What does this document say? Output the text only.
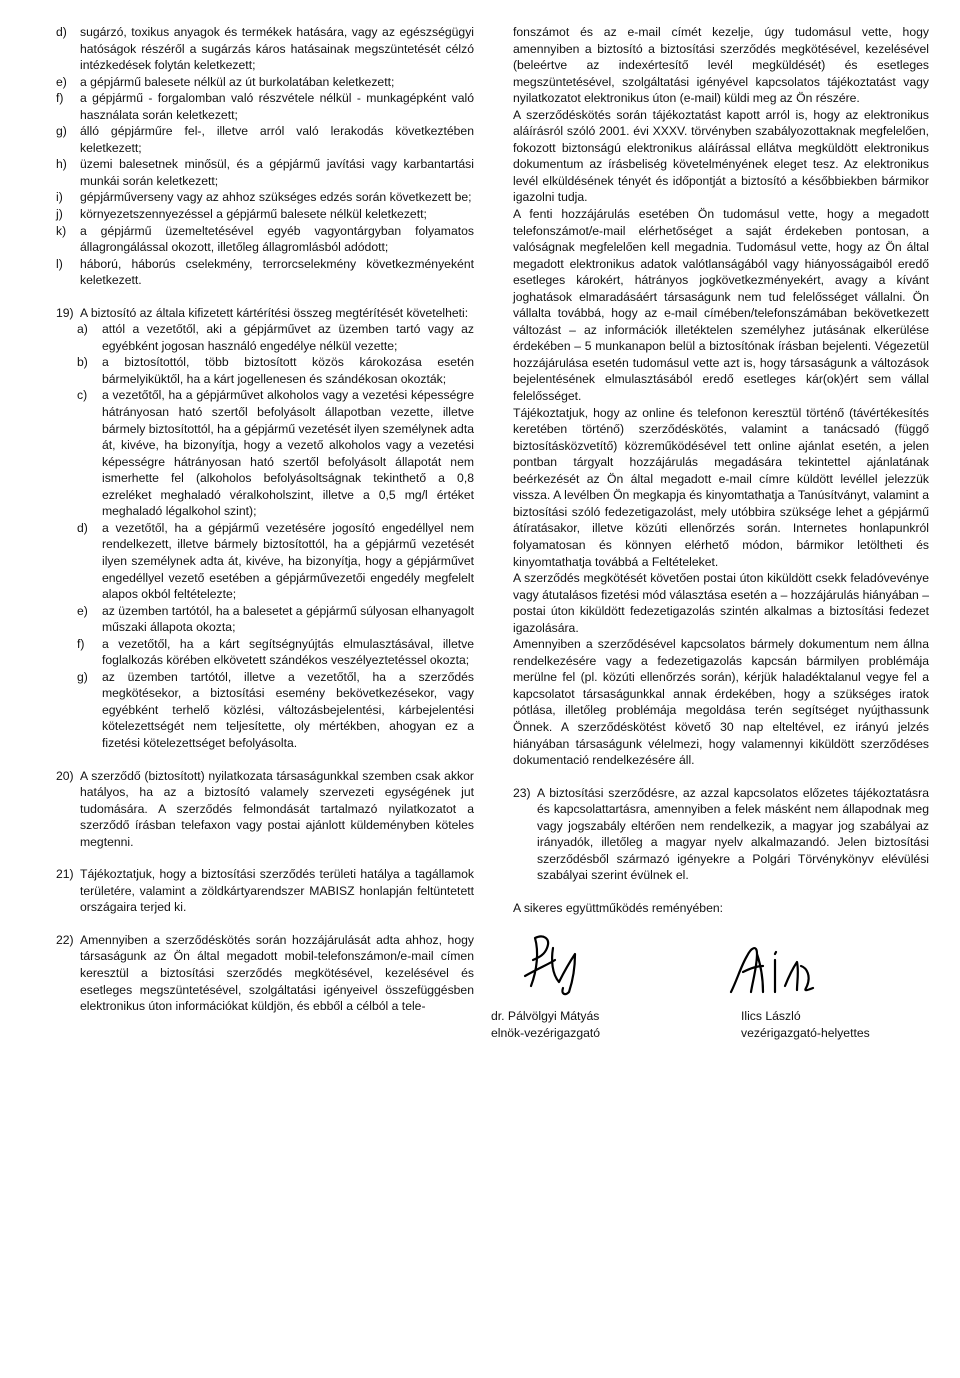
d)	sugárzó, toxikus anyagok és termékek hatására, vagy az egészségügyi hatóságok részéről a sugárzás káros hatásainak megszüntetését célzó intézkedések folytán keletkezett;
e)	a gépjármű balesete nélkül az út burkolatában keletkezett;
f)	a gépjármű - forgalomban való részvétele nélkül - munkagépként való használata során keletkezett;
g)	álló gépjárműre fel-, illetve arról való lerakodás következtében keletkezett;
h)	üzemi balesetnek minősül, és a gépjármű javítási vagy karbantartási munkái során keletkezett;
i)	gépjárműverseny vagy az ahhoz szükséges edzés során következett be;
j)	környezetszennyezéssel a gépjármű balesete nélkül keletkezett;
k)	a gépjármű üzemeltetésével egyéb vagyontárgyban folyamatos állagrongálással okozott, illetőleg állagromlásból adódott;
l)	háború, háborús cselekmény, terrorcselekmény következményeként keletkezett.
19) A biztosító az általa kifizetett kártérítési összeg megtérítését követelheti:
a)	attól a vezetőtől, aki a gépjárművet az üzemben tartó vagy az egyébként jogosan használó engedélye nélkül vezette;
b)	a biztosítottól, több biztosított közös károkozása esetén bármelyiküktől, ha a kárt jogellenesen és szándékosan okozták;
c)	a vezetőtől, ha a gépjárművet alkoholos vagy a vezetési képességre hátrányosan ható szertől befolyásolt állapotban vezette, illetve bármely biztosítottól, ha a gépjármű vezetését ilyen személynek adta át, kivéve, ha bizonyítja, hogy a vezető alkoholos vagy a vezetési képességre hátrányosan ható szertől befolyásolt állapotát nem ismerhette fel (alkoholos befolyásoltságnak tekinthető a 0,8 ezreléket meghaladó véralkoholszint, illetve a 0,5 mg/l értéket meghaladó légalkohol szint);
d)	a vezetőtől, ha a gépjármű vezetésére jogosító engedéllyel nem rendelkezett, illetve bármely biztosítottól, ha a gépjármű vezetését ilyen személynek adta át, kivéve, ha bizonyítja, hogy a gépjárművet engedéllyel vezető esetében a gépjárművezetői engedély megfelelt alapos okból feltételezte;
e)	az üzemben tartótól, ha a balesetet a gépjármű súlyosan elhanyagolt műszaki állapota okozta;
f)	a vezetőtől, ha a kárt segítségnyújtás elmulasztásával, illetve foglalkozás körében elkövetett szándékos veszélyeztetéssel okozta;
g)	az üzemben tartótól, illetve a vezetőtől, ha a szerződés megkötésekor, a biztosítási esemény bekövetkezésekor, vagy egyébként terhelő közlési, változásbejelentési, kárbejelentési kötelezettségét nem teljesítette, oly mértékben, ahogyan ez a fizetési kötelezettséget befolyásolta.
20) A szerződő (biztosított) nyilatkozata társaságunkkal szemben csak akkor hatályos, ha az a biztosító valamely szervezeti egységének jut tudomására. A szerződés felmondását tartalmazó nyilatkozatot a szerződő írásban telefaxon vagy postai ajánlott küldeményben köteles megtenni.
21) Tájékoztatjuk, hogy a biztosítási szerződés területi hatálya a tagállamok területére, valamint a zöldkártyarendszer MABISZ honlapján feltüntetett országaira terjed ki.
22) Amennyiben a szerződéskötés során hozzájárulását adta ahhoz, hogy társaságunk az Ön által megadott mobil-telefonszámon/e-mail címen keresztül a biztosítási szerződés megkötésével, kezelésével és esetleges megszüntetésével, szolgáltatási igényeivel összefüggésben elektronikus úton információkat küldjön, és ebből a célból a tele-

fonszámot és az e-mail címét kezelje, úgy tudomásul vette, hogy amennyiben a biztosító a biztosítási szerződés megkötésével, kezelésével (beleértve az indexértesítő levél megküldését) és esetleges megszüntetésével, szolgáltatási igényével kapcsolatos tájékoztatást vagy nyilatkozatot elektronikus úton (e-mail) küldi meg az Ön részére.

A szerződéskötés során tájékoztatást kapott arról is, hogy az elektronikus aláírásról szóló 2001. évi XXXV. törvényben szabályozottaknak megfelelően, fokozott biztonságú elektronikus aláírással ellátva megküldött elektronikus dokumentum az írásbeliség követelményének eleget tesz. Az elektronikus levél elküldésének tényét és időpontját a biztosító a későbbiekben bármikor igazolni tudja.

A fenti hozzájárulás esetében Ön tudomásul vette, hogy a megadott telefonszámot/e-mail elérhetőséget a saját érdekeben pontosan, a valóságnak megfelelően kell megadnia. Tudomásul vette, hogy az Ön által megadott elektronikus adatok valótlanságából vagy hiányosságaiból eredő esetleges károkért, hátrányos jogkövetkezményekért, avagy a kívánt joghatások elmaradásáért társaságunk nem tud felelősséget vállalni. Ön vállalta továbbá, hogy az e-mail címében/telefonszámában bekövetkezett változást – az információk illetéktelen személyhez jutásának elkerülése érdekében – 5 munkanapon belül a biztosítónak írásban bejelenti. Végezetül hozzájárulása esetén tudomásul vette azt is, hogy társaságunk a változások bejelentésének elmulasztásából eredő esetleges kár(ok)ért sem vállal felelősséget.

Tájékoztatjuk, hogy az online és telefonon keresztül történő (távértékesítés keretében történő) szerződéskötés, valamint a tanácsadó (függő biztosításközvetítő) közreműködésével tett online ajánlat esetén, a jelen pontban tárgyalt hozzájárulás megadására tekintettel ajánlatának beérkezését az Ön által megadott e-mail címre küldött levéllel jelezzük vissza. A levélben Ön megkapja és kinyomtathatja a Tanúsítványt, valamint a biztosítási szóló fedezetigazolást, mely utóbbira szüksége lehet a gépjármű átíratásakor, illetve közúti ellenőrzés során. Internetes honlapunkról folyamatosan és könnyen elérhető módon, bármikor letöltheti és kinyomtathatja továbbá a Feltételeket.

A szerződés megkötését követően postai úton kiküldött csekk feladóvevénye vagy átutalásos fizetési mód választása esetén a – hozzájárulás hiányában – postai úton kiküldött fedezetigazolás szintén alkalmas a biztosítási fedezet igazolására.

Amennyiben a szerződésével kapcsolatos bármely dokumentum nem állna rendelkezésére vagy a fedezetigazolás kapcsán bármilyen problémája merülne fel (pl. közúti ellenőrzés során), kérjük haladéktalanul vegye fel a kapcsolatot társaságunkkal annak érdekében, hogy a szükséges iratok pótlása, illetőleg problémája megoldása terén segítséget nyújthassunk Önnek. A szerződéskötést követő 30 nap elteltével, ez irányú jelzés hiányában társaságunk vélelmezi, hogy valamennyi kiküldött szerződéses dokumentació rendelkezésére áll.

23) A biztosítási szerződésre, az azzal kapcsolatos előzetes tájékoztatásra és kapcsolattartásra, amennyiben a felek másként nem állapodnak meg vagy jogszabály eltérően nem rendelkezik, a magyar jog szabályai az irányadók, illetőleg a magyar nyelv alkalmazandó. Jelen biztosítási szerződésből származó igényekre a Polgári Törvénykönyv elévülési szabályai szerint évülnek el.

A sikeres együttműködés reményében:

dr. Pálvölgyi Mátyás
elnök-vezérigazgató
Ilics László
vezérigazgató-helyettes
